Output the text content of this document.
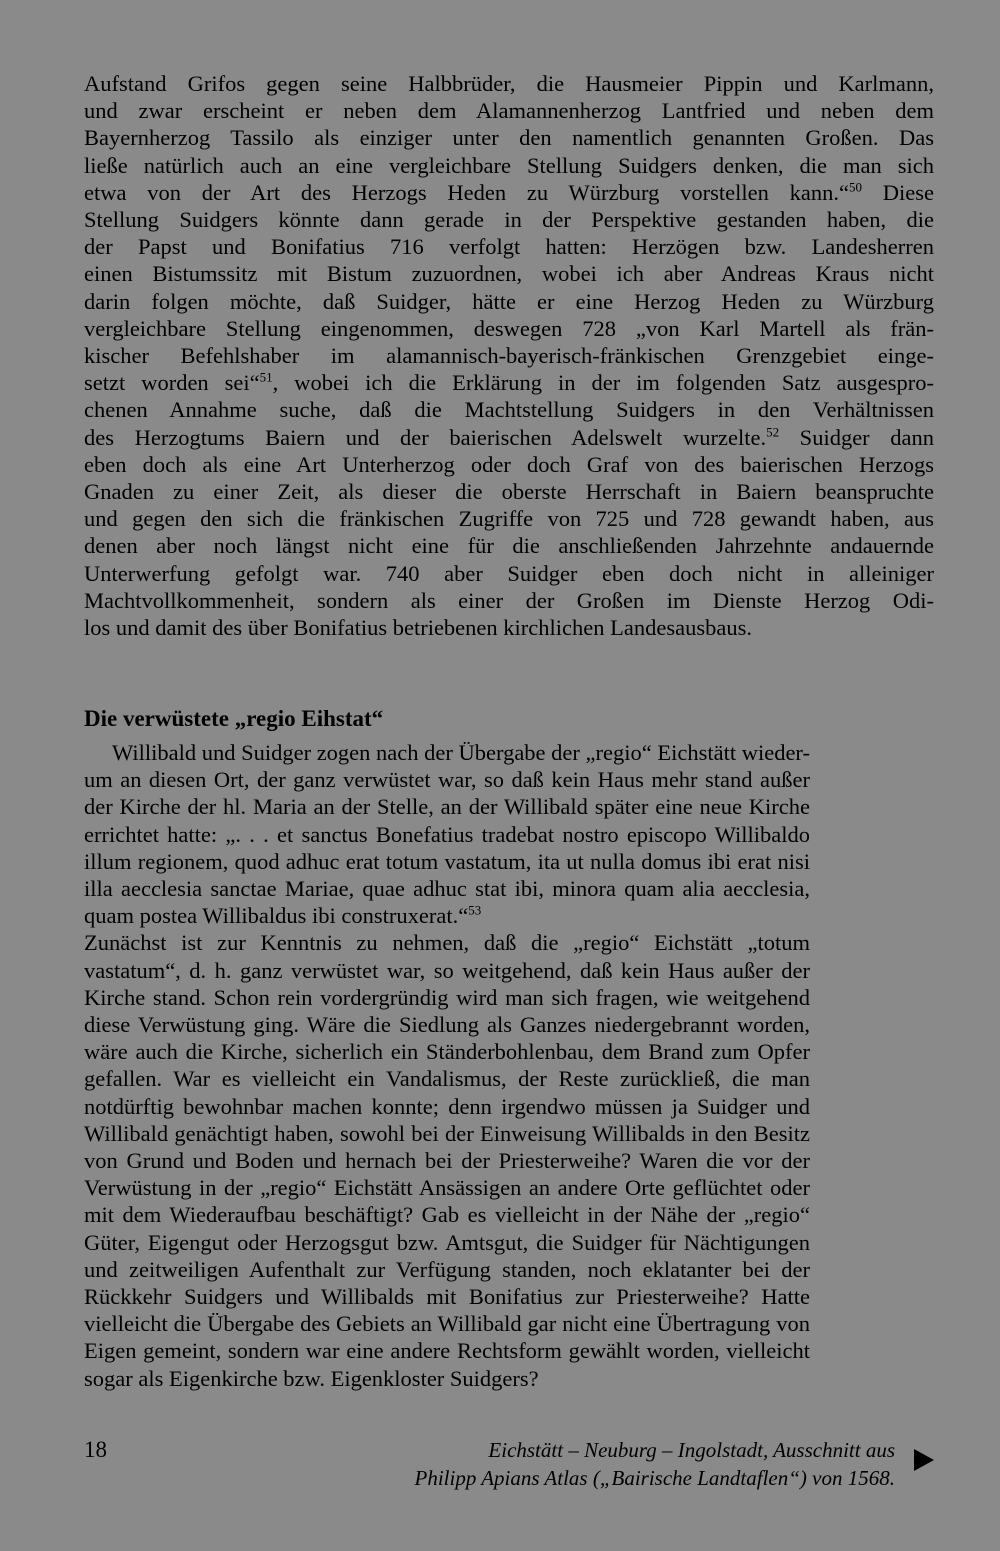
Aufstand Grifos gegen seine Halbbrüder, die Hausmeier Pippin und Karlmann,
und zwar erscheint er neben dem Alamannenherzog Lantfried und neben dem
Bayernherzog Tassilo als einziger unter den namentlich genannten Großen. Das
ließe natürlich auch an eine vergleichbare Stellung Suidgers denken, die man sich
etwa von der Art des Herzogs Heden zu Würzburg vorstellen kann.“$^{50}$ Diese
Stellung Suidgers könnte dann gerade in der Perspektive gestanden haben, die
der Papst und Bonifatius 716 verfolgt hatten: Herzögen bzw. Landesherren
einen Bistumssitz mit Bistum zuzuordnen, wobei ich aber Andreas Kraus nicht
darin folgen möchte, daß Suidger, hätte er eine Herzog Heden zu Würzburg
vergleichbare Stellung eingenommen, deswegen 728 „von Karl Martell als frän-
kischer Befehlshaber im alamannisch-bayerisch-fränkischen Grenzgebiet einge-
setzt worden sei“$^{51}$, wobei ich die Erklärung in der im folgenden Satz ausgespro-
chenen Annahme suche, daß die Machtstellung Suidgers in den Verhältnissen
des Herzogtums Baiern und der baierischen Adelswelt wurzelte.$^{52}$ Suidger dann
eben doch als eine Art Unterherzog oder doch Graf von des baierischen Herzogs
Gnaden zu einer Zeit, als dieser die oberste Herrschaft in Baiern beanspruchte
und gegen den sich die fränkischen Zugriffe von 725 und 728 gewandt haben, aus
denen aber noch längst nicht eine für die anschließenden Jahrzehnte andauernde
Unterwerfung gefolgt war. 740 aber Suidger eben doch nicht in alleiniger
Machtvollkommenheit, sondern als einer der Großen im Dienste Herzog Odi-
los und damit des über Bonifatius betriebenen kirchlichen Landesausbaus.

Die verwüstete „regio Eihstat“

Willibald und Suidger zogen nach der Übergabe der „regio“ Eichstätt wieder-
um an diesen Ort, der ganz verwüstet war, so daß kein Haus mehr stand außer
der Kirche der hl. Maria an der Stelle, an der Willibald später eine neue Kirche
errichtet hatte: „. . . et sanctus Bonefatius tradebat nostro episcopo Willibaldo
illum regionem, quod adhuc erat totum vastatum, ita ut nulla domus ibi erat nisi
illa aecclesia sanctae Mariae, quae adhuc stat ibi, minora quam alia aecclesia,
quam postea Willibaldus ibi construxerat.“$^{53}$
Zunächst ist zur Kenntnis zu nehmen, daß die „regio“ Eichstätt „totum
vastatum“, d. h. ganz verwüstet war, so weitgehend, daß kein Haus außer der
Kirche stand. Schon rein vordergründig wird man sich fragen, wie weitgehend
diese Verwüstung ging. Wäre die Siedlung als Ganzes niedergebrannt worden,
wäre auch die Kirche, sicherlich ein Ständerbohlenbau, dem Brand zum Opfer
gefallen. War es vielleicht ein Vandalismus, der Reste zurückließ, die man
notdürftig bewohnbar machen konnte; denn irgendwo müssen ja Suidger und
Willibald genächtigt haben, sowohl bei der Einweisung Willibalds in den Besitz
von Grund und Boden und hernach bei der Priesterweihe? Waren die vor der
Verwüstung in der „regio“ Eichstätt Ansässigen an andere Orte geflüchtet oder
mit dem Wiederaufbau beschäftigt? Gab es vielleicht in der Nähe der „regio“
Güter, Eigengut oder Herzogsgut bzw. Amtsgut, die Suidger für Nächtigungen
und zeitweiligen Aufenthalt zur Verfügung standen, noch eklatanter bei der
Rückkehr Suidgers und Willibalds mit Bonifatius zur Priesterweihe? Hatte
vielleicht die Übergabe des Gebiets an Willibald gar nicht eine Übertragung von
Eigen gemeint, sondern war eine andere Rechtsform gewählt worden, vielleicht
sogar als Eigenkirche bzw. Eigenkloster Suidgers?

18	Eichstätt – Neuburg – Ingolstadt, Ausschnitt aus
Philipp Apians Atlas („Bairische Landtaflen“) von 1568.
